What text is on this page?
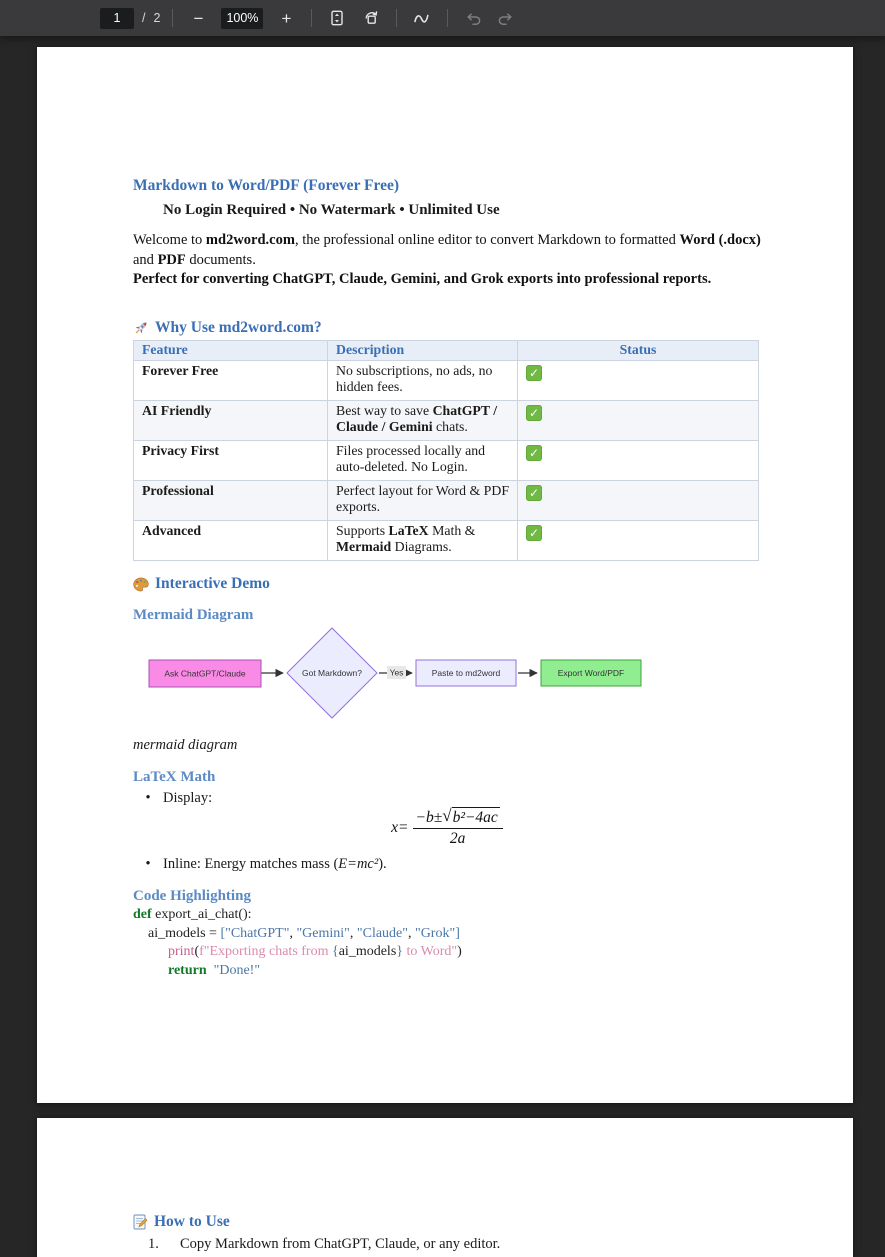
1
/ 2	−
100%	+
Markdown to Word/PDF (Forever Free)
No Login Required • No Watermark • Unlimited Use
Welcome to md2word.com, the professional online editor to convert Markdown to formatted Word (.docx) and PDF documents.
Perfect for converting ChatGPT, Claude, Gemini, and Grok exports into professional reports.
Why Use md2word.com?
Feature	Description	Status
Forever Free	No subscriptions, no ads, no hidden fees.	✓
AI Friendly	Best way to save ChatGPT / Claude / Gemini chats.	✓
Privacy First	Files processed locally and auto-deleted. No Login.	✓
Professional	Perfect layout for Word & PDF exports.	✓
Advanced	Supports LaTeX Math & Mermaid Diagrams.	✓
Interactive Demo
Mermaid Diagram
Ask ChatGPT/Claude	Got Markdown?	Yes	Paste to md2word	Export Word/PDF
mermaid diagram
LaTeX Math
• Display:
$x= \frac{\text{−b± √ b²−4ac}}{2a}$
• Inline: Energy matches mass (E=mc²).
Code Highlighting
def export_ai_chat():
ai_models = ["ChatGPT", "Gemini", "Claude", "Grok"]
print(f"Exporting chats from {ai_models} to Word")
return "Done!"
How to Use
1.	Copy Markdown from ChatGPT, Claude, or any editor.
